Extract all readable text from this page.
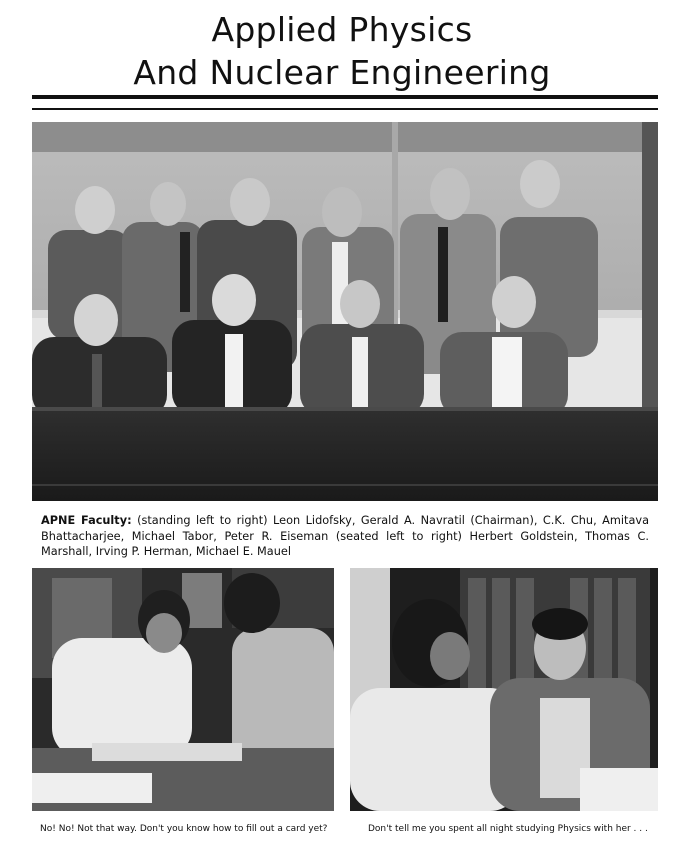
Applied Physics
And Nuclear Engineering
APNE Faculty: (standing left to right) Leon Lidofsky, Gerald A. Navratil (Chairman), C.K. Chu, Amitava Bhattacharjee, Michael Tabor, Peter R. Eiseman (seated left to right) Herbert Goldstein, Thomas C. Marshall, Irving P. Herman, Michael E. Mauel
No! No! Not that way. Don't you know how to fill out a card yet?	Don't tell me you spent all night studying Physics with her . . .
